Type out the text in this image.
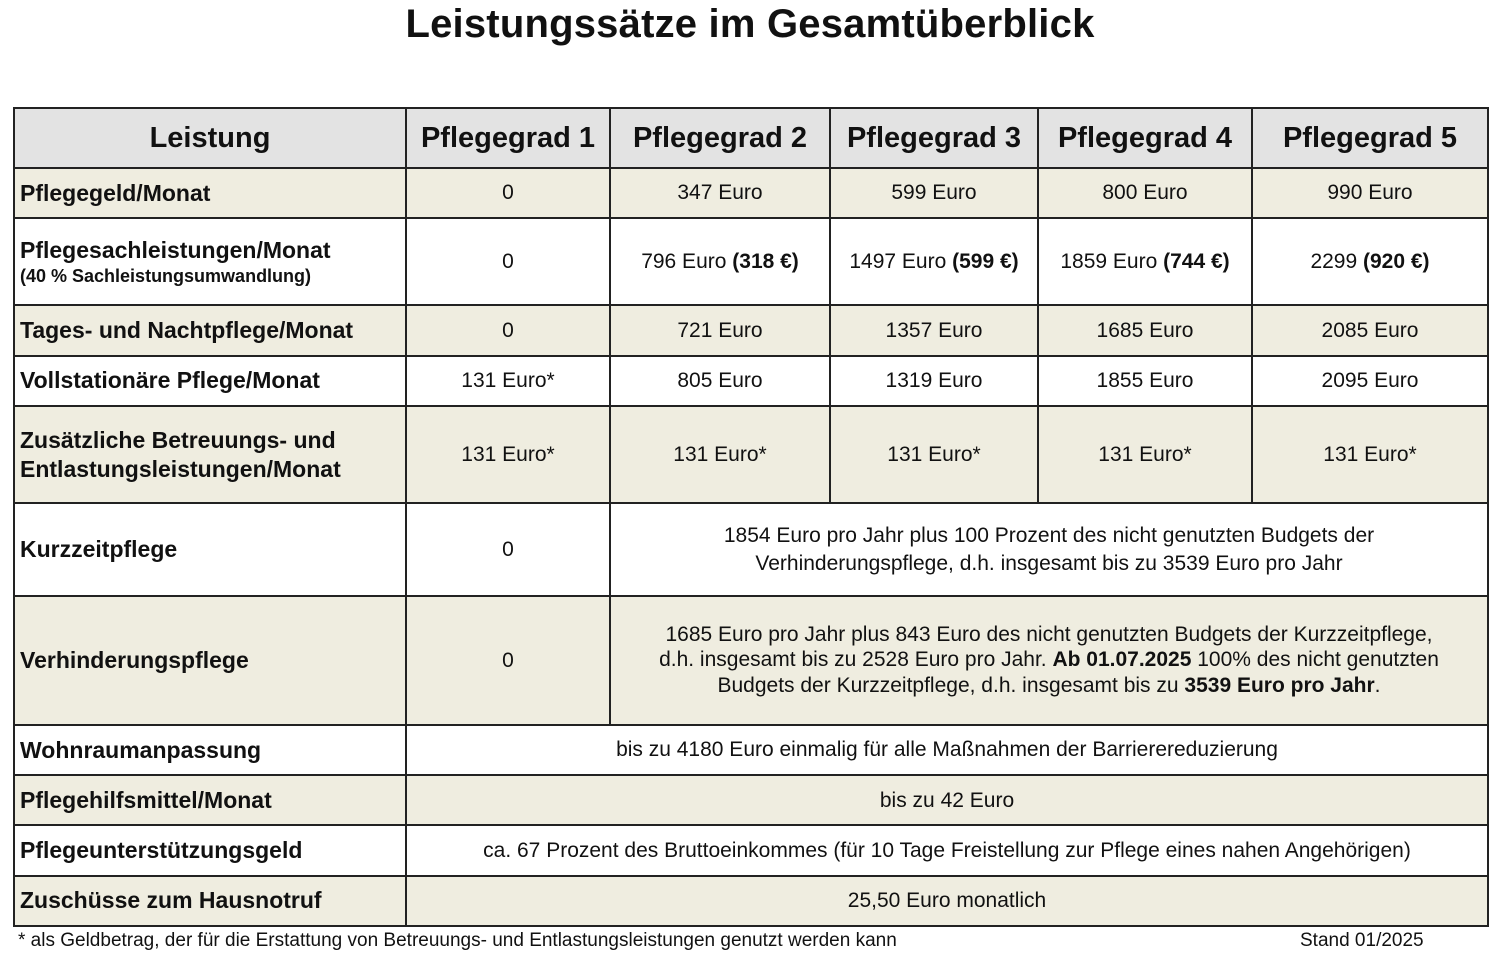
Leistungssätze im Gesamtüberblick
Leistung	Pflegegrad 1	Pflegegrad 2	Pflegegrad 3	Pflegegrad 4	Pflegegrad 5
Pflegegeld/Monat	0	347 Euro	599 Euro	800 Euro	990 Euro
Pflegesachleistungen/Monat
(40 % Sachleistungsumwandlung)	0	796 Euro (318 €)	1497 Euro (599 €)	1859 Euro (744 €)	2299 (920 €)
Tages- und Nachtpflege/Monat	0	721 Euro	1357 Euro	1685 Euro	2085 Euro
Vollstationäre Pflege/Monat	131 Euro*	805 Euro	1319 Euro	1855 Euro	2095 Euro
Zusätzliche Betreuungs- und
Entlastungsleistungen/Monat	131 Euro*	131 Euro*	131 Euro*	131 Euro*	131 Euro*
Kurzzeitpflege	0	1854 Euro pro Jahr plus 100 Prozent des nicht genutzten Budgets der
Verhinderungspflege, d.h. insgesamt bis zu 3539 Euro pro Jahr			
Verhinderungspflege	0	1685 Euro pro Jahr plus 843 Euro des nicht genutzten Budgets der Kurzzeitpflege,
d.h. insgesamt bis zu 2528 Euro pro Jahr. Ab 01.07.2025 100% des nicht genutzten
Budgets der Kurzzeitpflege, d.h. insgesamt bis zu 3539 Euro pro Jahr.			
Wohnraumanpassung	bis zu 4180 Euro einmalig für alle Maßnahmen der Barrierereduzierung				
Pflegehilfsmittel/Monat	bis zu 42 Euro				
Pflegeunterstützungsgeld	ca. 67 Prozent des Bruttoeinkommes (für 10 Tage Freistellung zur Pflege eines nahen Angehörigen)				
Zuschüsse zum Hausnotruf	25,50 Euro monatlich				
* als Geldbetrag, der für die Erstattung von Betreuungs- und Entlastungsleistungen genutzt werden kann	Stand 01/2025
